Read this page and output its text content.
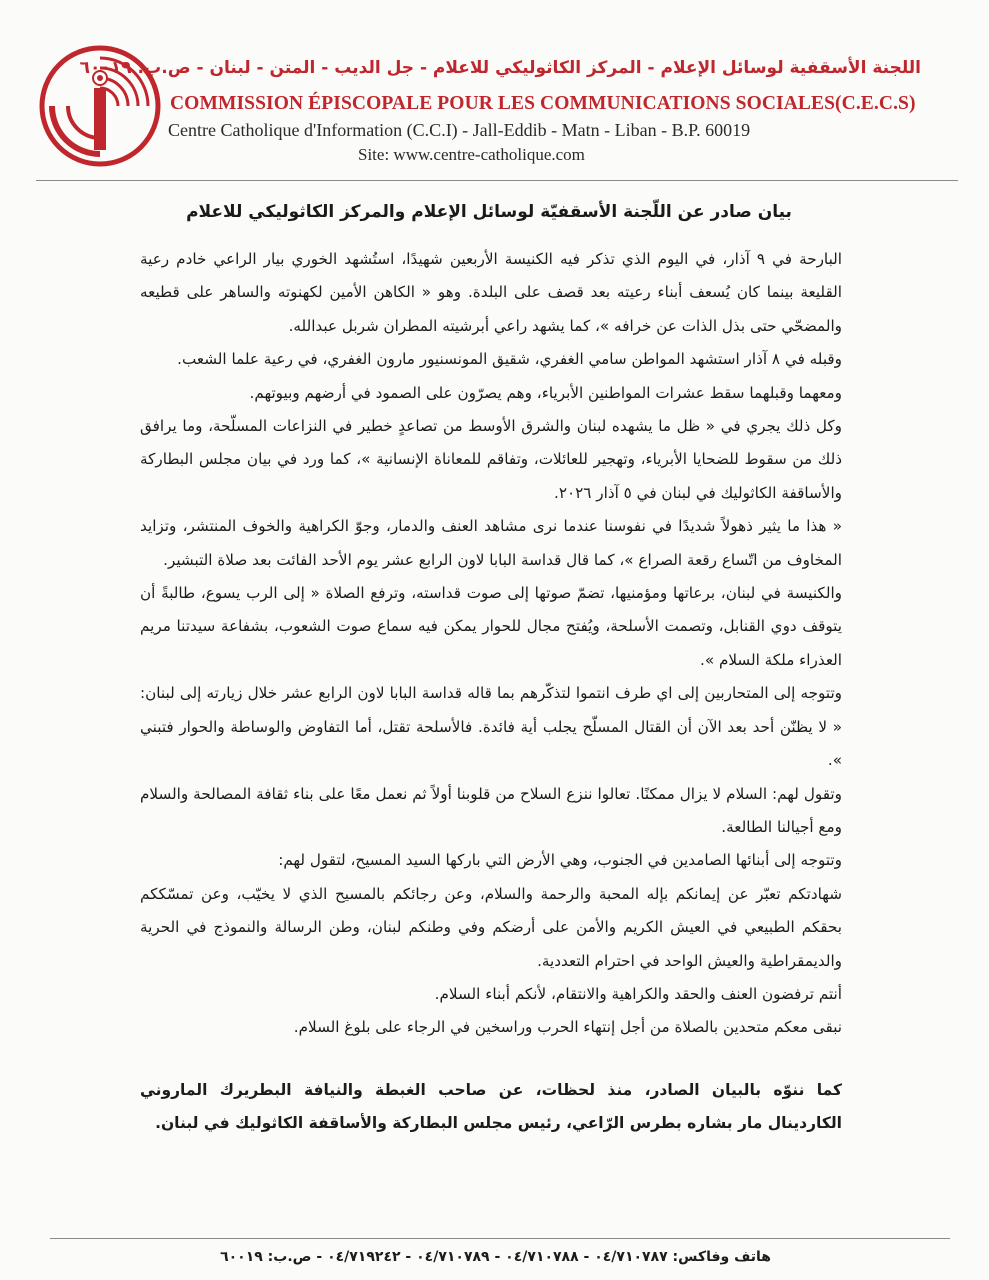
اللجنة الأسقفية لوسائل الإعلام - المركز الكاثوليكي للاعلام - جل الديب - المتن - لبنان - ص.ب: ٦٠٠١٩
COMMISSION ÉPISCOPALE POUR LES COMMUNICATIONS SOCIALES(C.E.C.S)
Centre Catholique d'Information (C.C.I) - Jall-Eddib - Matn - Liban - B.P. 60019
Site: www.centre-catholique.com
بيان صادر عن اللّجنة الأسقفيّة لوسائل الإعلام والمركز الكاثوليكي للاعلام

البارحة في ٩ آذار، في اليوم الذي تذكر فيه الكنيسة الأربعين شهيدًا، استُشهد الخوري بيار الراعي خادم رعية القليعة بينما كان يُسعف أبناء رعيته بعد قصف على البلدة. وهو « الكاهن الأمين لكهنوته والساهر على قطيعه والمضحّي حتى بذل الذات عن خرافه »، كما يشهد راعي أبرشيته المطران شربل عبدالله.

وقبله في ٨ آذار استشهد المواطن سامي الغفري، شقيق المونسنيور مارون الغفري، في رعية علما الشعب.

ومعهما وقبلهما سقط عشرات المواطنين الأبرياء، وهم يصرّون على الصمود في أرضهم وبيوتهم.

وكل ذلك يجري في « ظل ما يشهده لبنان والشرق الأوسط من تصاعدٍ خطير في النزاعات المسلّحة، وما يرافق ذلك من سقوط للضحايا الأبرياء، وتهجير للعائلات، وتفاقم للمعاناة الإنسانية »، كما ورد في بيان مجلس البطاركة والأساقفة الكاثوليك في لبنان في ٥ آذار ٢٠٢٦.

« هذا ما يثير ذهولاً شديدًا في نفوسنا عندما نرى مشاهد العنف والدمار، وجوّ الكراهية والخوف المنتشر، وتزايد المخاوف من اتّساع رقعة الصراع »، كما قال قداسة البابا لاون الرابع عشر يوم الأحد الفائت بعد صلاة التبشير.

والكنيسة في لبنان، برعاتها ومؤمنيها، تضمّ صوتها إلى صوت قداسته، وترفع الصلاة « إلى الرب يسوع، طالبةً أن يتوقف دوي القنابل، وتصمت الأسلحة، ويُفتح مجال للحوار يمكن فيه سماع صوت الشعوب، بشفاعة سيدتنا مريم العذراء ملكة السلام ».

وتتوجه إلى المتحاربين إلى اي طرف انتموا لتذكّرهم بما قاله قداسة البابا لاون الرابع عشر خلال زيارته إلى لبنان: « لا يظنّن أحد بعد الآن أن القتال المسلّح يجلب أية فائدة. فالأسلحة تقتل، أما التفاوض والوساطة والحوار فتبني ».

وتقول لهم: السلام لا يزال ممكنًا. تعالوا ننزع السلاح من قلوبنا أولاً ثم نعمل معًا على بناء ثقافة المصالحة والسلام ومع أجيالنا الطالعة.

وتتوجه إلى أبنائها الصامدين في الجنوب، وهي الأرض التي باركها السيد المسيح، لتقول لهم:

شهادتكم تعبّر عن إيمانكم بإله المحبة والرحمة والسلام، وعن رجائكم بالمسيح الذي لا يخيّب، وعن تمسّككم بحقكم الطبيعي في العيش الكريم والأمن على أرضكم وفي وطنكم لبنان، وطن الرسالة والنموذج في الحرية والديمقراطية والعيش الواحد في احترام التعددية.

أنتم ترفضون العنف والحقد والكراهية والانتقام، لأنكم أبناء السلام.

نبقى معكم متحدين بالصلاة من أجل إنتهاء الحرب وراسخين في الرجاء على بلوغ السلام.

كما ننوّه بالبيان الصادر، منذ لحظات، عن صاحب الغبطة والنيافة البطريرك الماروني الكاردينال مار بشاره بطرس الرّاعي، رئيس مجلس البطاركة والأساقفة الكاثوليك في لبنان.
هاتف وفاكس: ٠٤/٧١٠٧٨٧ - ٠٤/٧١٠٧٨٨ - ٠٤/٧١٠٧٨٩ - ٠٤/٧١٩٢٤٢ - ص.ب: ٦٠٠١٩
